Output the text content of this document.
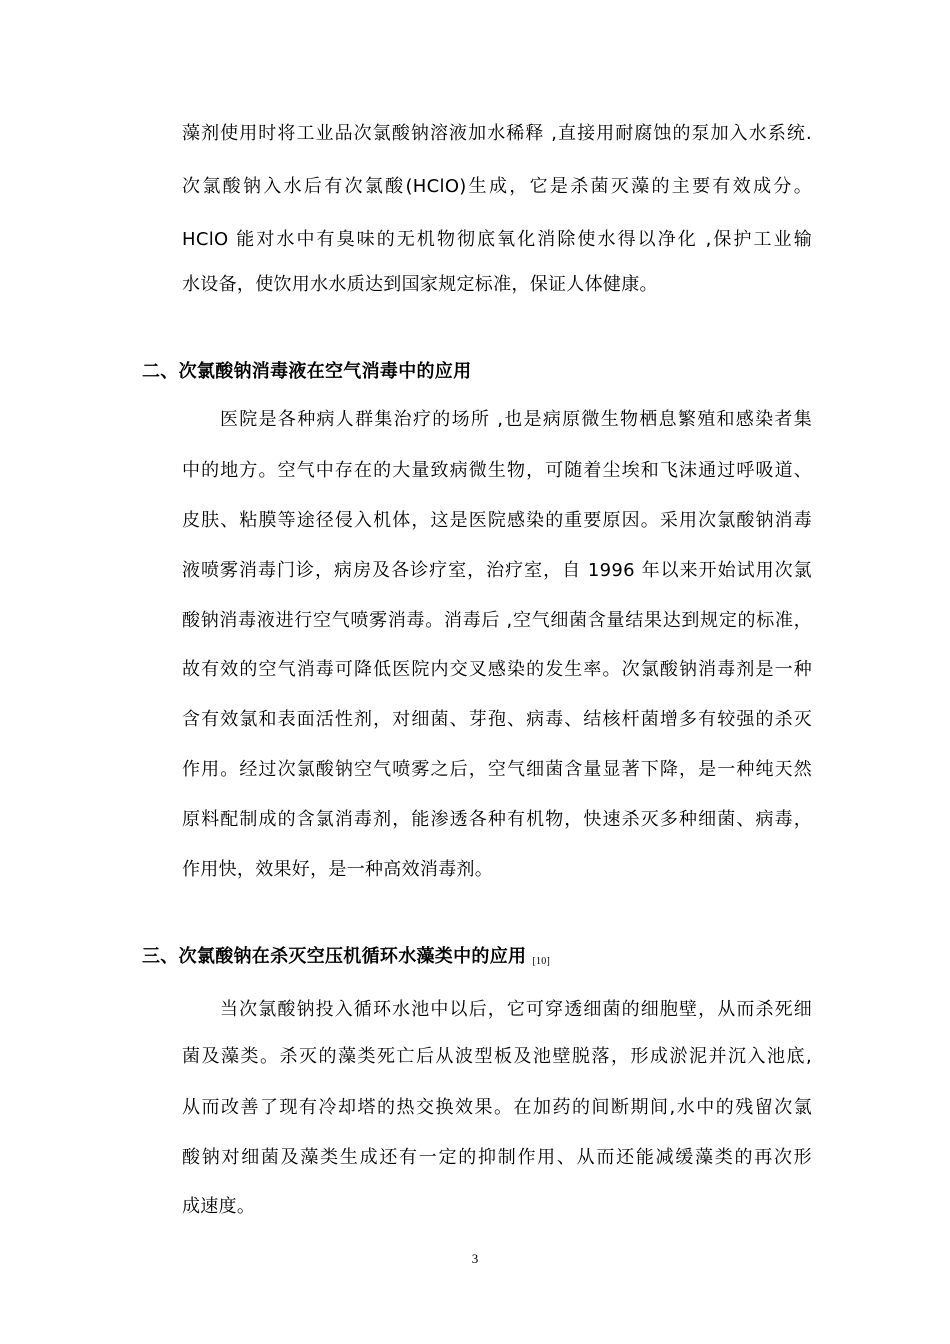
藻剂使用时将工业品次氯酸钠溶液加水稀释 ,直接用耐腐蚀的泵加入水系统.
次氯酸钠入水后有次氯酸(HClO)生成，它是杀菌灭藻的主要有效成分。
HClO 能对水中有臭味的无机物彻底氧化消除使水得以净化 ,保护工业输
水设备，使饮用水水质达到国家规定标准，保证人体健康。
二、次氯酸钠消毒液在空气消毒中的应用
医院是各种病人群集治疗的场所 ,也是病原微生物栖息繁殖和感染者集
中的地方。空气中存在的大量致病微生物，可随着尘埃和飞沫通过呼吸道、
皮肤、粘膜等途径侵入机体，这是医院感染的重要原因。采用次氯酸钠消毒
液喷雾消毒门诊，病房及各诊疗室，治疗室，自 1996 年以来开始试用次氯
酸钠消毒液进行空气喷雾消毒。消毒后 ,空气细菌含量结果达到规定的标准，
故有效的空气消毒可降低医院内交叉感染的发生率。次氯酸钠消毒剂是一种
含有效氯和表面活性剂，对细菌、芽孢、病毒、结核杆菌增多有较强的杀灭
作用。经过次氯酸钠空气喷雾之后，空气细菌含量显著下降，是一种纯天然
原料配制成的含氯消毒剂，能渗透各种有机物，快速杀灭多种细菌、病毒，
作用快，效果好，是一种高效消毒剂。
三、次氯酸钠在杀灭空压机循环水藻类中的应用 [10]
当次氯酸钠投入循环水池中以后，它可穿透细菌的细胞壁，从而杀死细
菌及藻类。杀灭的藻类死亡后从波型板及池壁脱落，形成淤泥并沉入池底,
从而改善了现有冷却塔的热交换效果。在加药的间断期间,水中的残留次氯
酸钠对细菌及藻类生成还有一定的抑制作用、从而还能减缓藻类的再次形
成速度。
3
